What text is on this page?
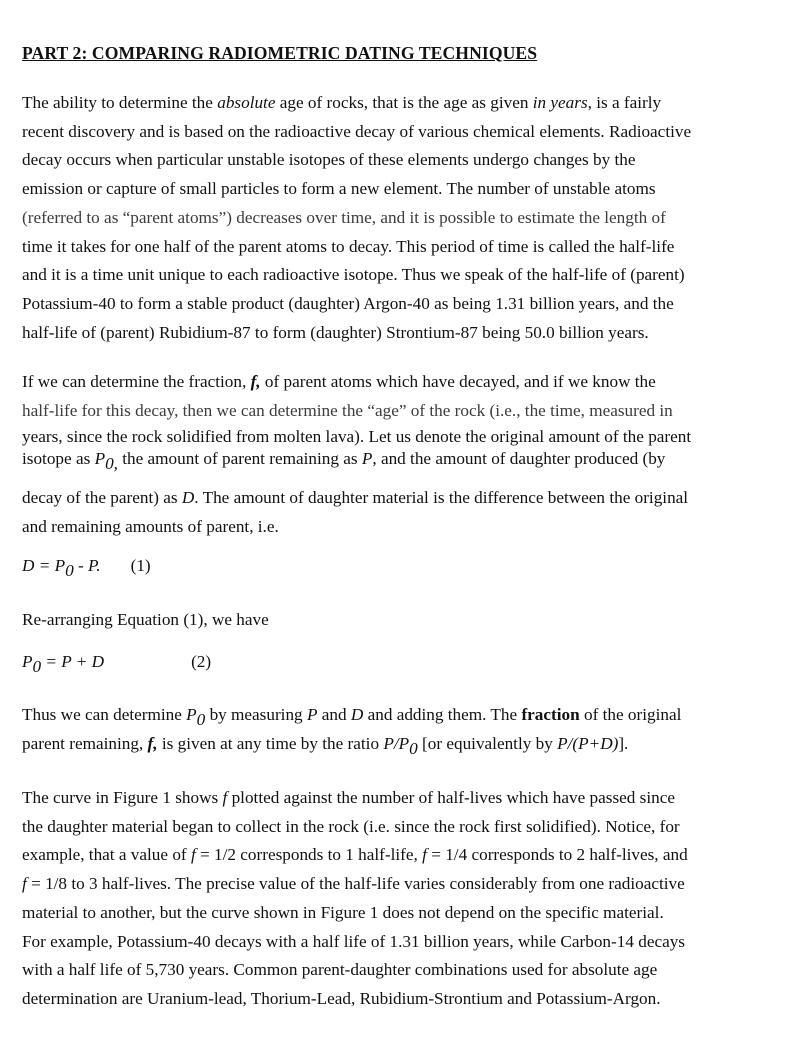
PART 2: COMPARING RADIOMETRIC DATING TECHNIQUES
The ability to determine the absolute age of rocks, that is the age as given in years, is a fairly
recent discovery and is based on the radioactive decay of various chemical elements. Radioactive
decay occurs when particular unstable isotopes of these elements undergo changes by the
emission or capture of small particles to form a new element. The number of unstable atoms
(referred to as “parent atoms”) decreases over time, and it is possible to estimate the length of
time it takes for one half of the parent atoms to decay. This period of time is called the half-life
and it is a time unit unique to each radioactive isotope. Thus we speak of the half-life of (parent)
Potassium-40 to form a stable product (daughter) Argon-40 as being 1.31 billion years, and the
half-life of (parent) Rubidium-87 to form (daughter) Strontium-87 being 50.0 billion years.
If we can determine the fraction, f, of parent atoms which have decayed, and if we know the
half-life for this decay, then we can determine the “age” of the rock (i.e., the time, measured in
years, since the rock solidified from molten lava). Let us denote the original amount of the parent
isotope as P0, the amount of parent remaining as P, and the amount of daughter produced (by
decay of the parent) as D. The amount of daughter material is the difference between the original
and remaining amounts of parent, i.e.
D = P0 - P. (1)
Re-arranging Equation (1), we have
P0 = P + D	(2)
Thus we can determine P0 by measuring P and D and adding them. The fraction of the original
parent remaining, f, is given at any time by the ratio P/P0 [or equivalently by P/(P+D)].
The curve in Figure 1 shows f plotted against the number of half-lives which have passed since
the daughter material began to collect in the rock (i.e. since the rock first solidified). Notice, for
example, that a value of f = 1/2 corresponds to 1 half-life, f = 1/4 corresponds to 2 half-lives, and
f = 1/8 to 3 half-lives. The precise value of the half-life varies considerably from one radioactive
material to another, but the curve shown in Figure 1 does not depend on the specific material.
For example, Potassium-40 decays with a half life of 1.31 billion years, while Carbon-14 decays
with a half life of 5,730 years. Common parent-daughter combinations used for absolute age
determination are Uranium-lead, Thorium-Lead, Rubidium-Strontium and Potassium-Argon.
